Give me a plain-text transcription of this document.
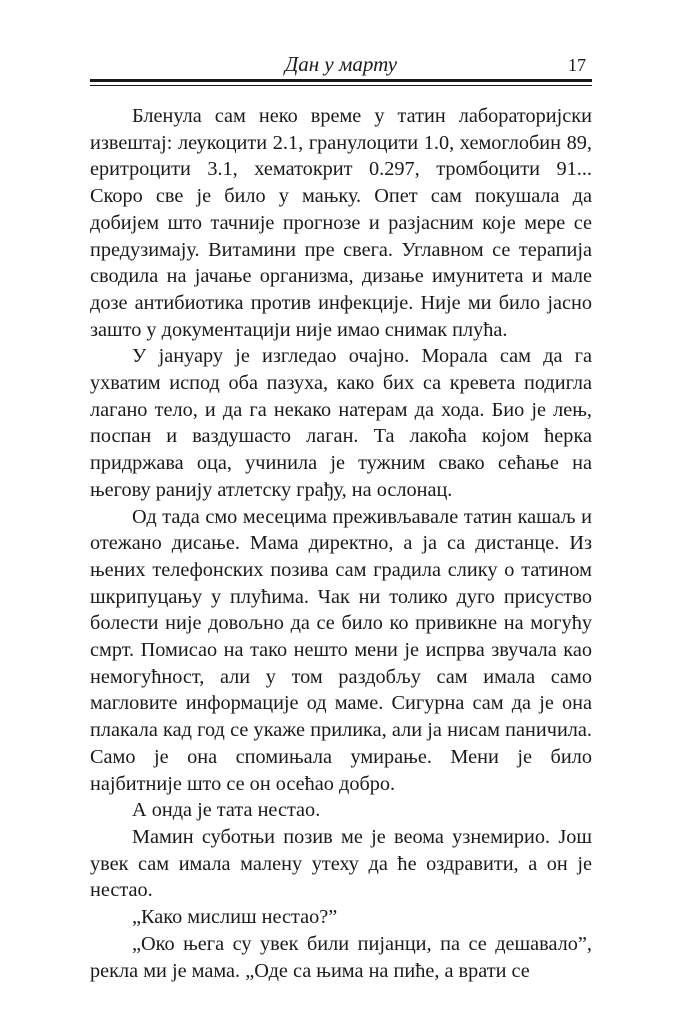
Дан у марту	17

Бленула сам неко време у татин лабораторијски извештај: леукоцити 2.1, гранулоцити 1.0, хемоглобин 89, еритроцити 3.1, хематокрит 0.297, тромбоцити 91... Скоро све је било у мањку. Опет сам покушала да добијем што тачније прогнозе и разјасним које мере се предузимају. Витамини пре свега. Углавном се терапија сводила на јачање организма, дизање имунитета и мале дозе антибиотика против инфекције. Није ми било јасно зашто у документацији није имао снимак плућа.

У јануару је изгледао очајно. Морала сам да га ухватим испод оба пазуха, како бих са кревета подигла лагано тело, и да га некако натерам да хода. Био је лењ, поспан и ваздушасто лаган. Та лакоћа којом ћерка придржава оца, учинила је тужним свако сећање на његову ранију атлетску грађу, на ослонац.

Од тада смо месецима преживљавале татин кашаљ и отежано дисање. Мама директно, а ја са дистанце. Из њених телефонских позива сам градила слику о татином шкрипуцању у плућима. Чак ни толико дуго присуство болести није довољно да се било ко привикне на могућу смрт. Помисао на тако нешто мени је испрва звучала као немогућност, али у том раздобљу сам имала само магловите информације од маме. Сигурна сам да је она плакала кад год се укаже прилика, али ја нисам паничила. Само је она спомињала умирање. Мени је било најбитније што се он осећао добро.

А онда је тата нестао.

Мамин суботњи позив ме је веома узнемирио. Још увек сам имала малену утеху да ће оздравити, а он је нестао.

„Како мислиш нестао?”

„Око њега су увек били пијанци, па се дешавало”, рекла ми је мама. „Оде са њима на пиће, а врати се
